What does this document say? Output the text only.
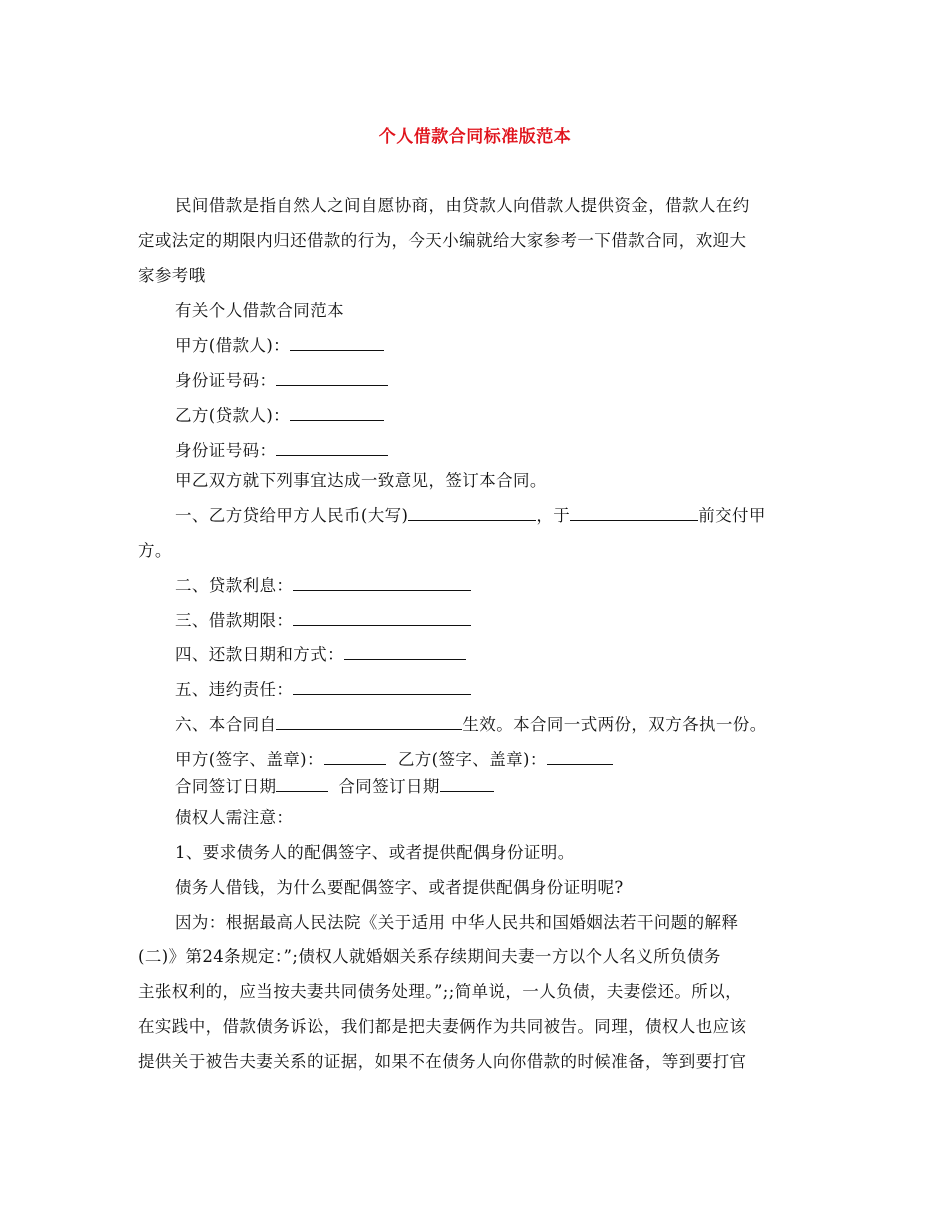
个人借款合同标准版范本
民间借款是指自然人之间自愿协商，由贷款人向借款人提供资金，借款人在约
定或法定的期限内归还借款的行为，今天小编就给大家参考一下借款合同，欢迎大
家参考哦
有关个人借款合同范本
甲方(借款人)：
身份证号码：
乙方(贷款人)：
身份证号码：
甲乙双方就下列事宜达成一致意见，签订本合同。
一、乙方贷给甲方人民币(大写)	，于	前交付甲
方。
二、贷款利息：
三、借款期限：
四、还款日期和方式：
五、违约责任：
六、本合同自	生效。本合同一式两份，双方各执一份。
甲方(签字、盖章)：	乙方(签字、盖章)：
合同签订日期	合同签订日期
债权人需注意：
1、要求债务人的配偶签字、或者提供配偶身份证明。
债务人借钱，为什么要配偶签字、或者提供配偶身份证明呢?
因为：根据最高人民法院《关于适用 中华人民共和国婚姻法若干问题的解释
(二)》第24条规定：”;债权人就婚姻关系存续期间夫妻一方以个人名义所负债务
主张权利的，应当按夫妻共同债务处理。”;;简单说，一人负债，夫妻偿还。所以，
在实践中，借款债务诉讼，我们都是把夫妻俩作为共同被告。同理，债权人也应该
提供关于被告夫妻关系的证据，如果不在债务人向你借款的时候准备，等到要打官
